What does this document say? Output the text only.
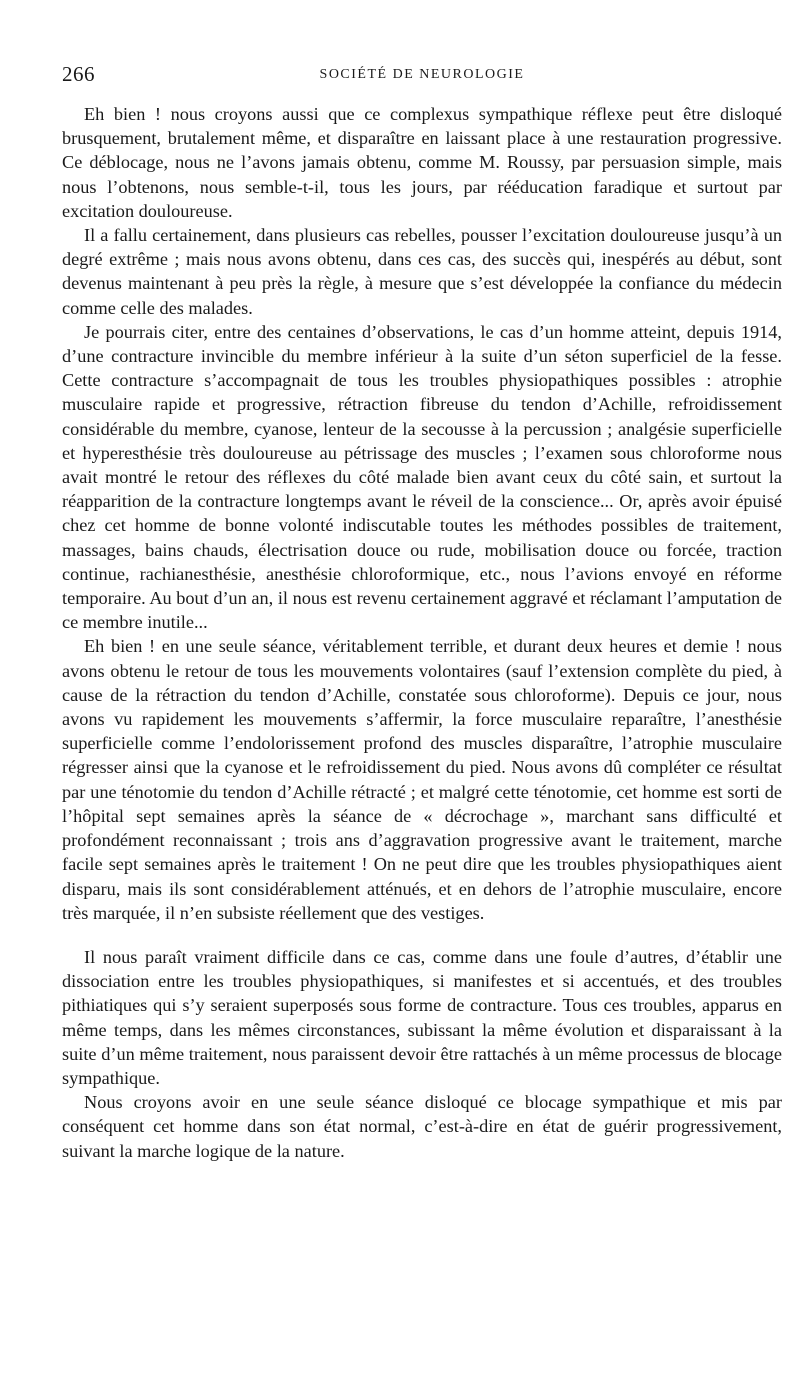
266	SOCIÉTÉ DE NEUROLOGIE

Eh bien ! nous croyons aussi que ce complexus sympathique réflexe peut être disloqué brusquement, brutalement même, et disparaître en laissant place à une restauration progressive. Ce déblocage, nous ne l’avons jamais obtenu, comme M. Roussy, par persuasion simple, mais nous l’obtenons, nous semble-t-il, tous les jours, par rééducation faradique et surtout par excitation douloureuse.

Il a fallu certainement, dans plusieurs cas rebelles, pousser l’excitation douloureuse jusqu’à un degré extrême ; mais nous avons obtenu, dans ces cas, des succès qui, inespérés au début, sont devenus maintenant à peu près la règle, à mesure que s’est développée la confiance du médecin comme celle des malades.

Je pourrais citer, entre des centaines d’observations, le cas d’un homme atteint, depuis 1914, d’une contracture invincible du membre inférieur à la suite d’un séton superficiel de la fesse. Cette contracture s’accompagnait de tous les troubles physiopathiques possibles : atrophie musculaire rapide et progressive, rétraction fibreuse du tendon d’Achille, refroidissement considérable du membre, cyanose, lenteur de la secousse à la percussion ; analgésie superficielle et hyperesthésie très douloureuse au pétrissage des muscles ; l’examen sous chloroforme nous avait montré le retour des réflexes du côté malade bien avant ceux du côté sain, et surtout la réapparition de la contracture longtemps avant le réveil de la conscience... Or, après avoir épuisé chez cet homme de bonne volonté indiscutable toutes les méthodes possibles de traitement, massages, bains chauds, électrisation douce ou rude, mobilisation douce ou forcée, traction continue, rachianesthésie, anesthésie chloroformique, etc., nous l’avions envoyé en réforme temporaire. Au bout d’un an, il nous est revenu certainement aggravé et réclamant l’amputation de ce membre inutile...

Eh bien ! en une seule séance, véritablement terrible, et durant deux heures et demie ! nous avons obtenu le retour de tous les mouvements volontaires (sauf l’extension complète du pied, à cause de la rétraction du tendon d’Achille, constatée sous chloroforme). Depuis ce jour, nous avons vu rapidement les mouvements s’affermir, la force musculaire reparaître, l’anesthésie superficielle comme l’endolorissement profond des muscles disparaître, l’atrophie musculaire régresser ainsi que la cyanose et le refroidissement du pied. Nous avons dû compléter ce résultat par une ténotomie du tendon d’Achille rétracté ; et malgré cette ténotomie, cet homme est sorti de l’hôpital sept semaines après la séance de « décrochage », marchant sans difficulté et profondément reconnaissant ; trois ans d’aggravation progressive avant le traitement, marche facile sept semaines après le traitement ! On ne peut dire que les troubles physiopathiques aient disparu, mais ils sont considérablement atténués, et en dehors de l’atrophie musculaire, encore très marquée, il n’en subsiste réellement que des vestiges.

Il nous paraît vraiment difficile dans ce cas, comme dans une foule d’autres, d’établir une dissociation entre les troubles physiopathiques, si manifestes et si accentués, et des troubles pithiatiques qui s’y seraient superposés sous forme de contracture. Tous ces troubles, apparus en même temps, dans les mêmes circonstances, subissant la même évolution et disparaissant à la suite d’un même traitement, nous paraissent devoir être rattachés à un même processus de blocage sympathique.

Nous croyons avoir en une seule séance disloqué ce blocage sympathique et mis par conséquent cet homme dans son état normal, c’est-à-dire en état de guérir progressivement, suivant la marche logique de la nature.
